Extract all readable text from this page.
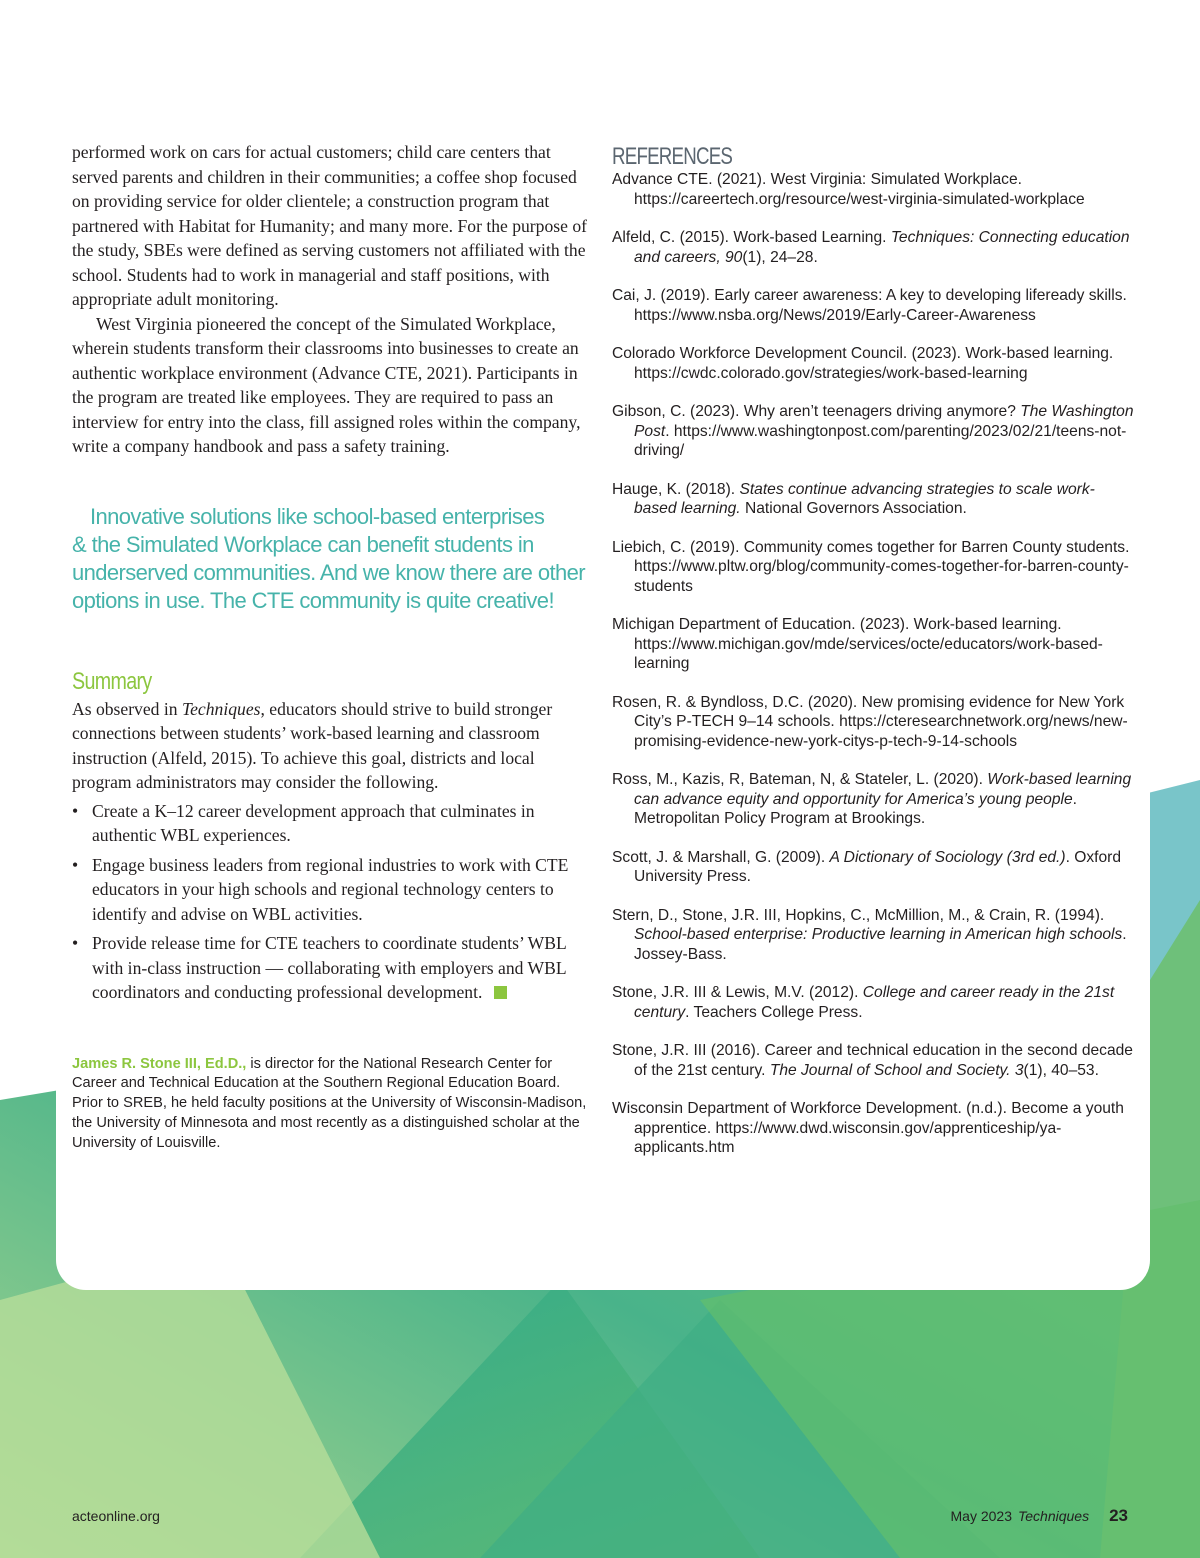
performed work on cars for actual customers; child care centers that served parents and children in their communities; a coffee shop focused on providing service for older clientele; a construction program that partnered with Habitat for Humanity; and many more. For the purpose of the study, SBEs were defined as serving customers not affiliated with the school. Students had to work in managerial and staff positions, with appropriate adult monitoring.

West Virginia pioneered the concept of the Simulated Workplace, wherein students transform their classrooms into businesses to create an authentic workplace environment (Advance CTE, 2021). Participants in the program are treated like employees. They are required to pass an interview for entry into the class, fill assigned roles within the company, write a company handbook and pass a safety training.

Innovative solutions like school-based enterprises
& the Simulated Workplace can benefit students in
underserved communities. And we know there are other
options in use. The CTE community is quite creative!
Summary

As observed in Techniques, educators should strive to build stronger connections between students’ work-based learning and classroom instruction (Alfeld, 2015). To achieve this goal, districts and local program administrators may consider the following.

• Create a K–12 career development approach that culminates in authentic WBL experiences.
• Engage business leaders from regional industries to work with CTE educators in your high schools and regional technology centers to identify and advise on WBL activities.
• Provide release time for CTE teachers to coordinate students’ WBL with in-class instruction — collaborating with employers and WBL coordinators and conducting professional development.
James R. Stone III, Ed.D., is director for the National Research Center for Career and Technical Education at the Southern Regional Education Board. Prior to SREB, he held faculty positions at the University of Wisconsin-Madison, the University of Minnesota and most recently as a distinguished scholar at the University of Louisville.
REFERENCES
Advance CTE. (2021). West Virginia: Simulated Workplace. https://careertech.org/resource/west-virginia-simulated-workplace
Alfeld, C. (2015). Work-based Learning. Techniques: Connecting education and careers, 90(1), 24–28.
Cai, J. (2019). Early career awareness: A key to developing lifeready skills. https://www.nsba.org/News/2019/Early-Career-Awareness
Colorado Workforce Development Council. (2023). Work-based learning. https://cwdc.colorado.gov/strategies/work-based-learning
Gibson, C. (2023). Why aren’t teenagers driving anymore? The Washington Post. https://www.washingtonpost.com/parenting/2023/02/21/teens-not-driving/
Hauge, K. (2018). States continue advancing strategies to scale work-based learning. National Governors Association.
Liebich, C. (2019). Community comes together for Barren County students. https://www.pltw.org/blog/community-comes-together-for-barren-county-students
Michigan Department of Education. (2023). Work-based learning. https://www.michigan.gov/mde/services/octe/educators/work-based-learning
Rosen, R. & Byndloss, D.C. (2020). New promising evidence for New York City’s P-TECH 9–14 schools. https://cteresearchnetwork.org/news/new-promising-evidence-new-york-citys-p-tech-9-14-schools
Ross, M., Kazis, R, Bateman, N, & Stateler, L. (2020). Work-based learning can advance equity and opportunity for America’s young people. Metropolitan Policy Program at Brookings.
Scott, J. & Marshall, G. (2009). A Dictionary of Sociology (3rd ed.). Oxford University Press.
Stern, D., Stone, J.R. III, Hopkins, C., McMillion, M., & Crain, R. (1994). School-based enterprise: Productive learning in American high schools. Jossey-Bass.
Stone, J.R. III & Lewis, M.V. (2012). College and career ready in the 21st century. Teachers College Press.
Stone, J.R. III (2016). Career and technical education in the second decade of the 21st century. The Journal of School and Society. 3(1), 40–53.
Wisconsin Department of Workforce Development. (n.d.). Become a youth apprentice. https://www.dwd.wisconsin.gov/apprenticeship/ya-applicants.htm
acteonline.org	May 2023 Techniques 23
